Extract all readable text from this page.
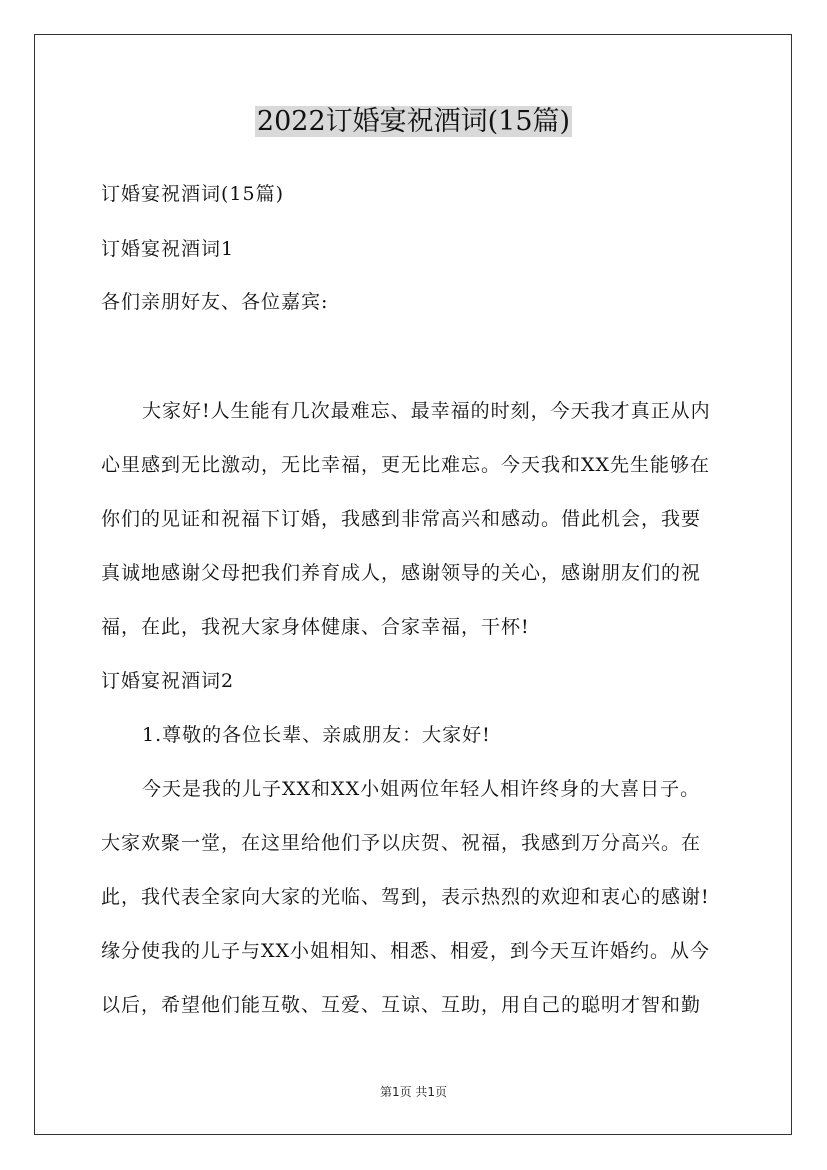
2022订婚宴祝酒词(15篇)
订婚宴祝酒词(15篇)
订婚宴祝酒词1
各们亲朋好友、各位嘉宾:
大家好!人生能有几次最难忘、最幸福的时刻，今天我才真正从内
心里感到无比激动，无比幸福，更无比难忘。今天我和XX先生能够在
你们的见证和祝福下订婚，我感到非常高兴和感动。借此机会，我要
真诚地感谢父母把我们养育成人，感谢领导的关心，感谢朋友们的祝
福，在此，我祝大家身体健康、合家幸福，干杯!
订婚宴祝酒词2
1.尊敬的各位长辈、亲戚朋友：大家好!
今天是我的儿子XX和XX小姐两位年轻人相许终身的大喜日子。
大家欢聚一堂，在这里给他们予以庆贺、祝福，我感到万分高兴。在
此，我代表全家向大家的光临、驾到，表示热烈的欢迎和衷心的感谢!
缘分使我的儿子与XX小姐相知、相悉、相爱，到今天互许婚约。从今
以后，希望他们能互敬、互爱、互谅、互助，用自己的聪明才智和勤
第1页 共1页
